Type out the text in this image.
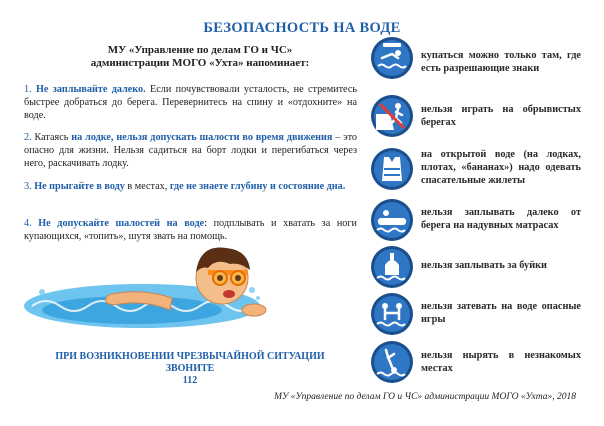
БЕЗОПАСНОСТЬ НА ВОДЕ
МУ «Управление по делам ГО и ЧС»
администрации МОГО «Ухта» напоминает:
1. Не заплывайте далеко. Если почувствовали усталость, не стремитесь быстрее добраться до берега. Перевернитесь на спину и «отдохните» на воде.
2. Катаясь на лодке, нельзя допускать шалости во время движения – это опасно для жизни. Нельзя садиться на борт лодки и перегибаться через него, раскачивать лодку.
3. Не прыгайте в воду в местах, где не знаете глубину и состояние дна.
4. Не допускайте шалостей на воде: подплывать и хватать за ноги купающихся, «топить», шутя звать на помощь.
ПРИ ВОЗНИКНОВЕНИИ ЧРЕЗВЫЧАЙНОЙ СИТУАЦИИ ЗВОНИТЕ
112
купаться можно только там, где есть разрешающие знаки
нельзя играть на обрывистых берегах
на открытой воде (на лодках, плотах, «бананах») надо одевать спасательные жилеты
нельзя заплывать далеко от берега на надувных матрасах
нельзя заплывать за буйки
нельзя затевать на воде опасные игры
нельзя нырять в незнакомых местах
МУ «Управление по делам ГО и ЧС» администрации МОГО «Ухта», 2018
